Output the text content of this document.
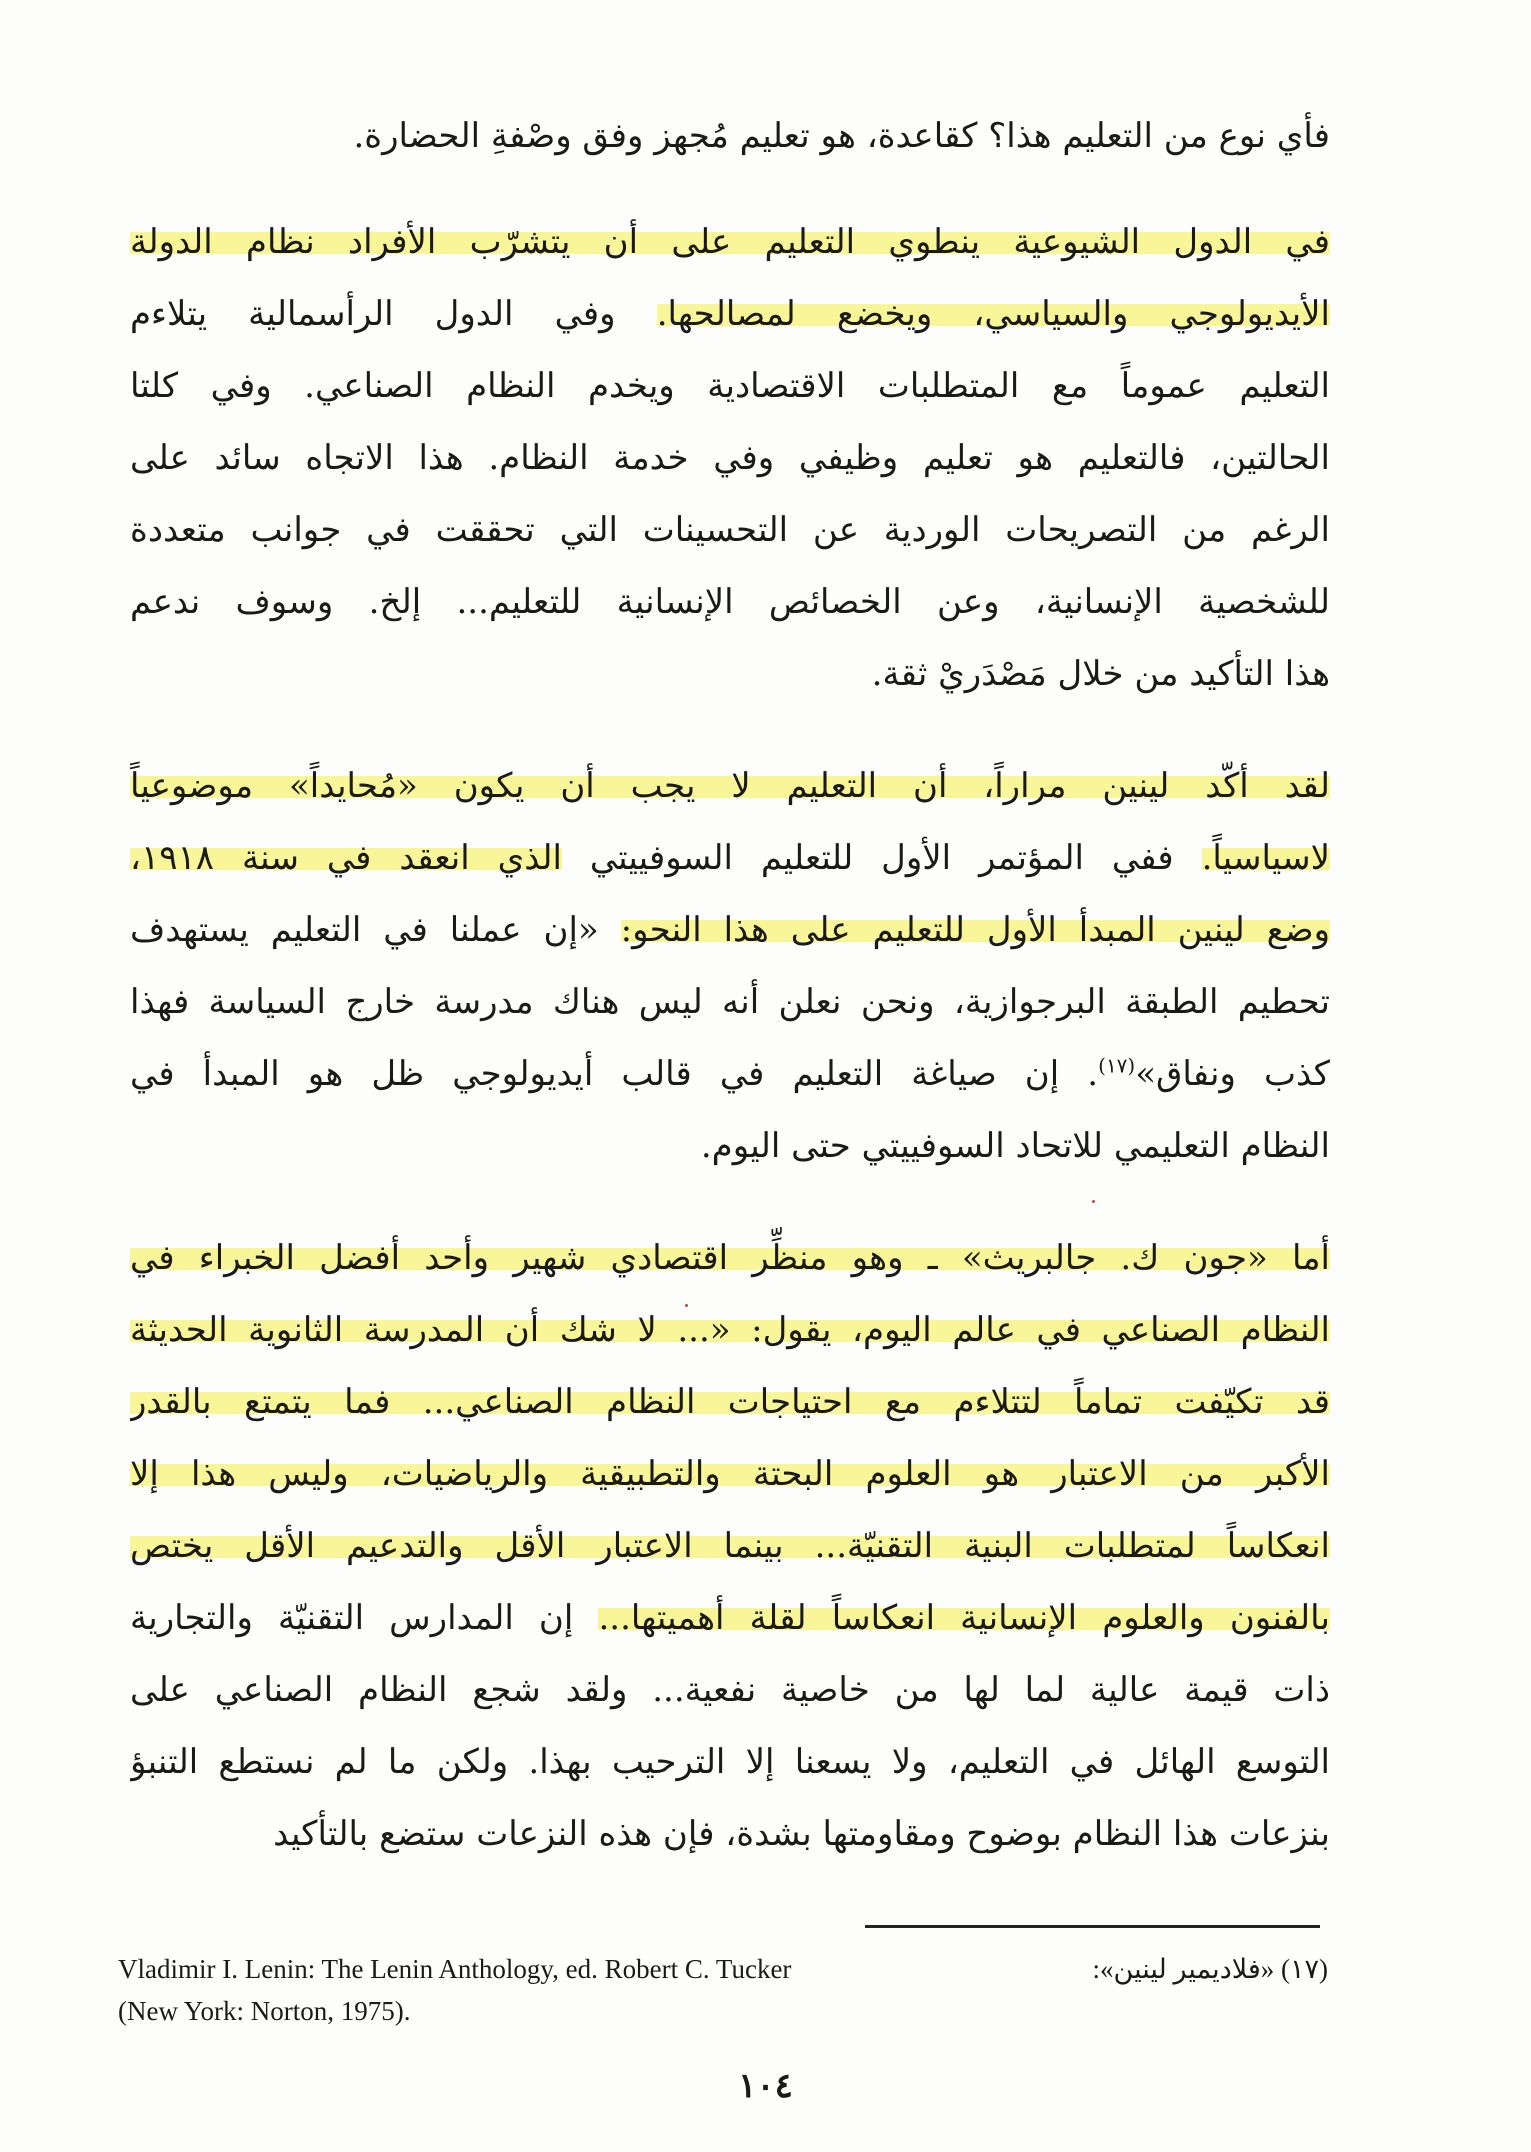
فأي نوع من التعليم هذا؟ كقاعدة، هو تعليم مُجهز وفق وصْفةِ الحضارة.

في الدول الشيوعية ينطوي التعليم على أن يتشرّب الأفراد نظام الدولة
الأيديولوجي والسياسي، ويخضع لمصالحها. وفي الدول الرأسمالية يتلاءم
التعليم عموماً مع المتطلبات الاقتصادية ويخدم النظام الصناعي. وفي كلتا
الحالتين، فالتعليم هو تعليم وظيفي وفي خدمة النظام. هذا الاتجاه سائد على
الرغم من التصريحات الوردية عن التحسينات التي تحققت في جوانب متعددة
للشخصية الإنسانية، وعن الخصائص الإنسانية للتعليم... إلخ. وسوف ندعم
هذا التأكيد من خلال مَصْدَريْ ثقة.

لقد أكّد لينين مراراً، أن التعليم لا يجب أن يكون «مُحايداً» موضوعياً
لاسياسياً. ففي المؤتمر الأول للتعليم السوفييتي الذي انعقد في سنة ١٩١٨،
وضع لينين المبدأ الأول للتعليم على هذا النحو: «إن عملنا في التعليم يستهدف
تحطيم الطبقة البرجوازية، ونحن نعلن أنه ليس هناك مدرسة خارج السياسة فهذا
كذب ونفاق»$^{(١٧)}$. إن صياغة التعليم في قالب أيديولوجي ظل هو المبدأ في
النظام التعليمي للاتحاد السوفييتي حتى اليوم.

أما «جون ك. جالبريث» ـ وهو منظِّر اقتصادي شهير وأحد أفضل الخبراء في
النظام الصناعي في عالم اليوم، يقول: «... لا شك أن المدرسة الثانوية الحديثة
قد تكيّفت تماماً لتتلاءم مع احتياجات النظام الصناعي... فما يتمتع بالقدر
الأكبر من الاعتبار هو العلوم البحتة والتطبيقية والرياضيات، وليس هذا إلا
انعكاساً لمتطلبات البنية التقنيّة... بينما الاعتبار الأقل والتدعيم الأقل يختص
بالفنون والعلوم الإنسانية انعكاساً لقلة أهميتها... إن المدارس التقنيّة والتجارية
ذات قيمة عالية لما لها من خاصية نفعية... ولقد شجع النظام الصناعي على
التوسع الهائل في التعليم، ولا يسعنا إلا الترحيب بهذا. ولكن ما لم نستطع التنبؤ
بنزعات هذا النظام بوضوح ومقاومتها بشدة، فإن هذه النزعات ستضع بالتأكيد

Vladimir I. Lenin: The Lenin Anthology, ed. Robert C. Tucker	(١٧) «فلاديمير لينين»:
(New York: Norton, 1975).
١٠٤
